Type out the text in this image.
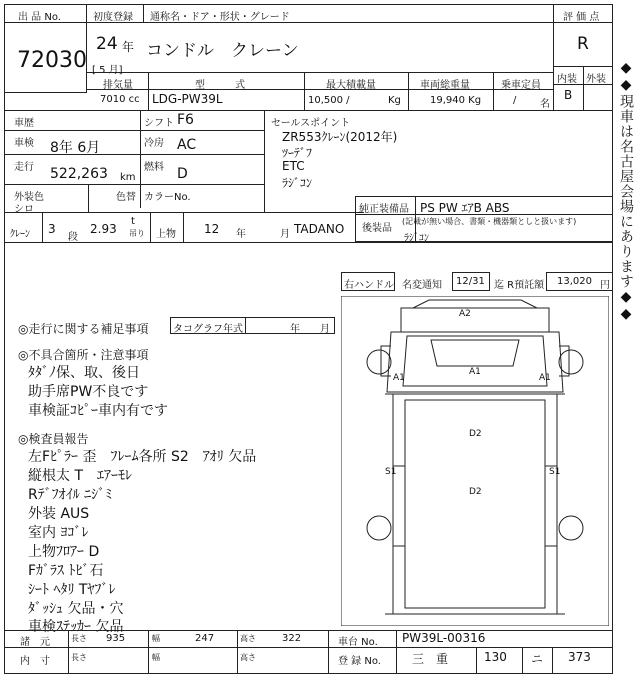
出 品 No.
72030
初度登録 通称名・ドア・形状・グレード
24 年
[ 5 月]
コンドル　クレーン
評 価 点
R
内装 外装
B
排気量	型　　　式	最大積載量	車両総重量	乗車定員
7010 cc LDG-PW39L	10,500 /	Kg	19,940 Kg	/ 名
車歴	シフト F6
車検 8年 6月	冷房 AC
走行 522,263 km
燃料 D
外装色
シロ
色替 カラーNo.
セールスポイント
ZR553ｸﾚｰﾝ(2012年)
ﾂｰﾃﾞﾌ
ETC
ﾗｼﾞｺﾝ
純正装備品 PS PW ｴｱB ABS
後装品
(記載が無い場合、書類・機器類としと扱います)
ﾗｼﾞｺﾝ
ｸﾚｰﾝ 3
段
2.93
t
吊り 上物 12 年	月 TADANO
右ハンドル 名変通知 12/31 迄 R預託額 13,020 円
◎走行に関する補足事項 タコグラフ年式	年 月
◎不具合箇所・注意事項
ﾀﾀﾞﾉ保、取、後日
助手席PW不良です
車検証ｺﾋﾟｰ車内有です
◎検査員報告
左Fﾋﾟﾗｰ 歪　ﾌﾚｰﾑ各所 S2　ｱｵﾘ 欠品
縦根太 T　ｴｱｰﾓﾚ
Rﾃﾞﾌｵｲﾙ ﾆｼﾞﾐ
外装 AUS
室内 ﾖｺﾞﾚ
上物ﾌﾛｱｰ D
Fｶﾞﾗｽ ﾄﾋﾞ石
ｼｰﾄ ﾍﾀﾘ Tﾔﾌﾞﾚ
ﾀﾞｯｼｭ 欠品・穴
車検ｽﾃｯｶｰ 欠品
A2
A1
A1
A1
D2
S1	S1
D2
諸　元	長さ 935	幅	247	高さ	322	車台 No. PW39L-00316
内　寸	長さ	幅	高さ	登 録 No.	三　重	130 ニ 373
◆◆現車は名古屋会場にあります◆◆
